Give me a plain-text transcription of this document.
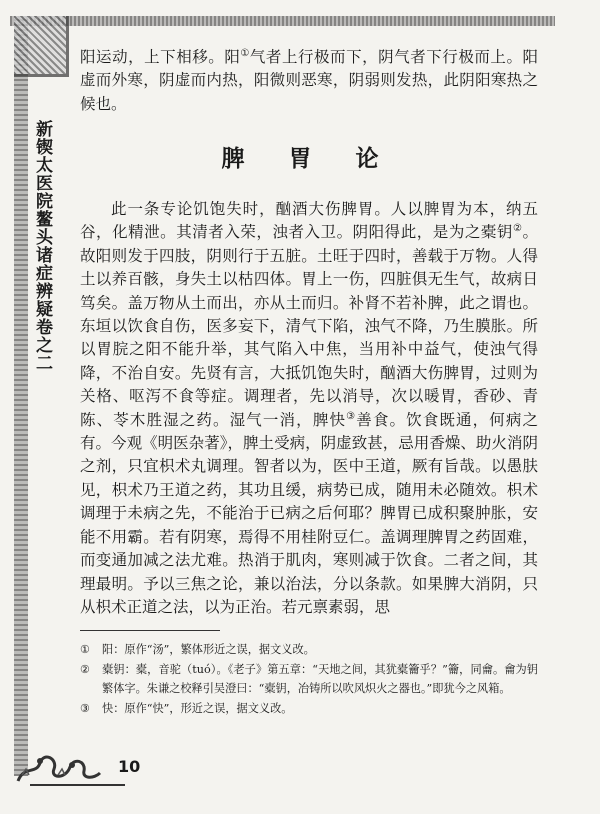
新锲太医院鳌头诸症辨疑卷之二
阳运动，上下相移。阳①气者上行极而下，阴气者下行极而上。阳虚而外寒，阴虚而内热，阳微则恶寒，阴弱则发热，此阴阳寒热之候也。
脾 胃 论
此一条专论饥饱失时，酗酒大伤脾胃。人以脾胃为本，纳五谷，化精泄。其清者入荣，浊者入卫。阴阳得此，是为之橐钥②。故阳则发于四肢，阴则行于五脏。土旺于四时，善载于万物。人得土以养百骸，身失土以枯四体。胃上一伤，四脏俱无生气，故病日笃矣。盖万物从土而出，亦从土而归。补肾不若补脾，此之谓也。东垣以饮食自伤，医多妄下，清气下陷，浊气不降，乃生膜胀。所以胃脘之阳不能升举，其气陷入中焦，当用补中益气，使浊气得降，不治自安。先贤有言，大抵饥饱失时，酗酒大伤脾胃，过则为关格、呕泻不食等症。调理者，先以消导，次以暖胃，香砂、青陈、苓木胜湿之药。湿气一消，脾快③善食。饮食既通，何病之有。今观《明医杂著》，脾土受病，阴虚致甚，忌用香燥、助火消阴之剂，只宜枳术丸调理。智者以为，医中王道，厥有旨哉。以愚肤见，枳术乃王道之药，其功且缓，病势已成，随用未必随效。枳术调理于未病之先，不能治于已病之后何耶？脾胃已成积聚肿胀，安能不用霸。若有阴寒，焉得不用桂附豆仁。盖调理脾胃之药固难，而变通加减之法尤难。热消于肌肉，寒则减于饮食。二者之间，其理最明。予以三焦之论，兼以治法，分以条款。如果脾大消阴，只从枳术正道之法，以为正治。若元禀素弱，思
① 阳：原作“汤”，繁体形近之误，据文义改。
② 橐钥：橐，音驼（tuó）。《老子》第五章：“天地之间，其犹橐籥乎？”籥，同龠。龠为钥繁体字。朱谦之校释引吴澄曰：“橐钥，冶铸所以吹风炽火之器也。”即犹今之风箱。
③ 快：原作“快”，形近之误，据文义改。
10
